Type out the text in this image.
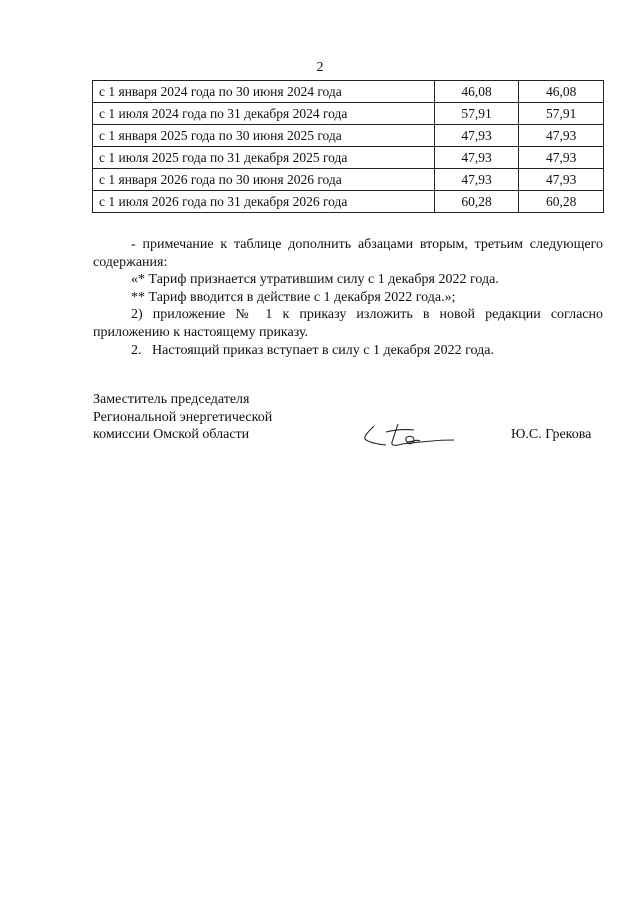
2
с 1 января 2024 года по 30 июня 2024 года	46,08	46,08
с 1 июля 2024 года по 31 декабря 2024 года	57,91	57,91
с 1 января 2025 года по 30 июня 2025 года	47,93	47,93
с 1 июля 2025 года по 31 декабря 2025 года	47,93	47,93
с 1 января 2026 года по 30 июня 2026 года	47,93	47,93
с 1 июля 2026 года по 31 декабря 2026 года	60,28	60,28

- примечание к таблице дополнить абзацами вторым, третьим следующего содержания:

«* Тариф признается утратившим силу с 1 декабря 2022 года.

** Тариф вводится в действие с 1 декабря 2022 года.»;

2) приложение № 1 к приказу изложить в новой редакции согласно приложению к настоящему приказу.

2.   Настоящий приказ вступает в силу с 1 декабря 2022 года.

Заместитель председателя
Региональной энергетической
комиссии Омской области	Ю.С. Грекова
